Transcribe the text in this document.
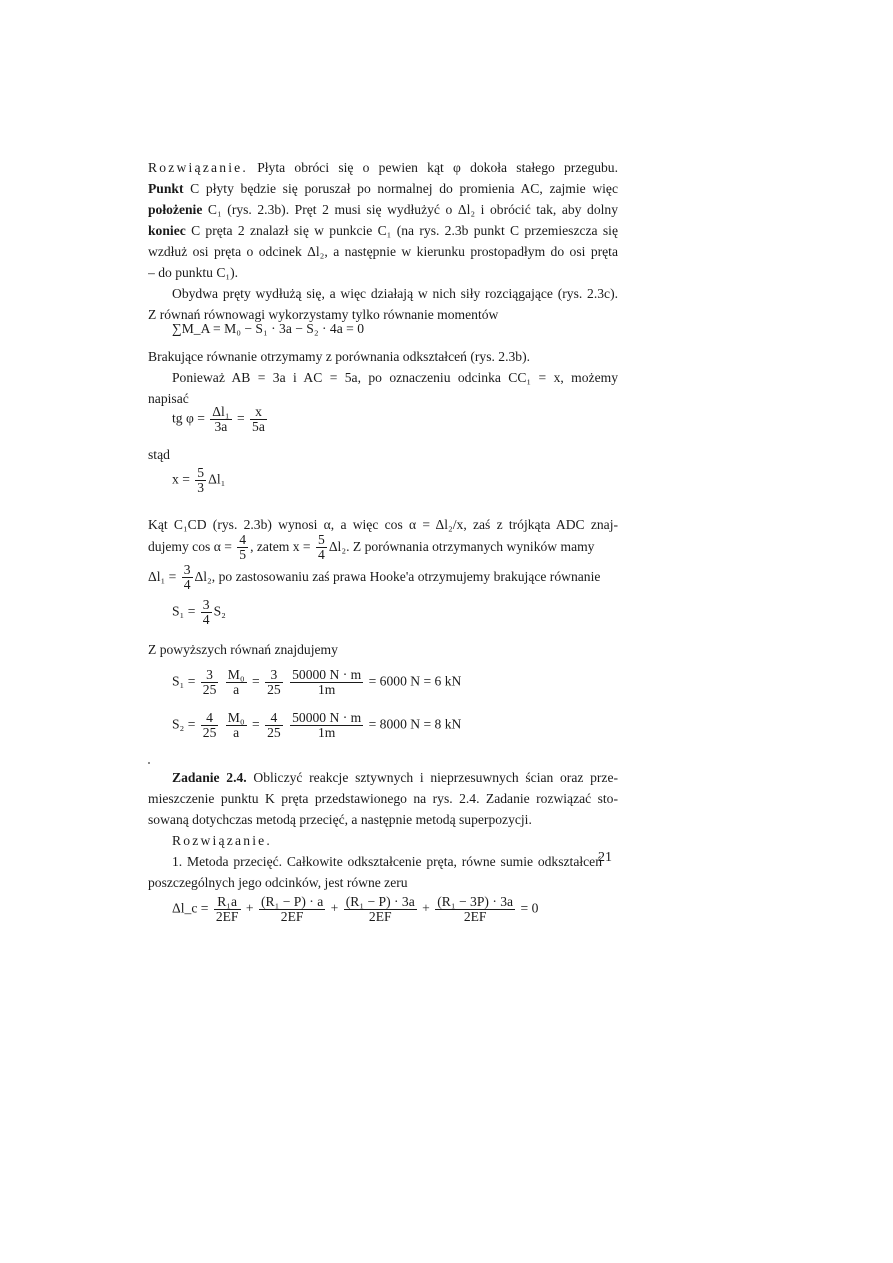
Rozwiązanie. Płyta obróci się o pewien kąt φ dokoła stałego przegubu.
Punkt C płyty będzie się poruszał po normalnej do promienia AC, zajmie więc
położenie C₁ (rys. 2.3b). Pręt 2 musi się wydłużyć o Δl₂ i obrócić tak, aby dolny
koniec C pręta 2 znalazł się w punkcie C₁ (na rys. 2.3b punkt C przemieszcza się
wzdłuż osi pręta o odcinek Δl₂, a następnie w kierunku prostopadłym do osi pręta
– do punktu C₁).
Obydwa pręty wydłużą się, a więc działają w nich siły rozciągające (rys. 2.3c).
Z równań równowagi wykorzystamy tylko równanie momentów
∑M_A = M₀ − S₁ · 3a − S₂ · 4a = 0
Brakujące równanie otrzymamy z porównania odkształceń (rys. 2.3b).
Ponieważ AB = 3a i AC = 5a, po oznaczeniu odcinka CC₁ = x, możemy
napisać
tg $\varphi = \frac{\text{Δl₁}}{3a} = \frac{x}{5a}$
stąd
$x = \frac{5}{3} \Delta l_1$
Kąt C₁CD (rys. 2.3b) wynosi α, a więc cos α = Δl₂/x, zaś z trójkąta ADC znaj-
dujemy $\cos \alpha = \frac{4}{5}$ , zatem $x = \frac{5}{4} \Delta l_2$. Z porównania otrzymanych wyników mamy
$\Delta l_1 = \frac{3}{4} \Delta l_2$, po zastosowaniu zaś prawa Hooke'a otrzymujemy brakujące równanie
$S_1 = \frac{3}{4} S_2$
Z powyższych równań znajdujemy
$S_1 = \frac{3}{25}$
$\frac{\text{M₀}}{a} = \frac{3}{25}$
$\frac{50000 N \cdot m}{1m} = 6000$ N = 6 kN
$S_2 = \frac{4}{25}$
$\frac{\text{M₀}}{a} = \frac{4}{25}$
$\frac{50000 N \cdot m}{1m} = 8000$ N = 8 kN
Zadanie 2.4. Obliczyć reakcje sztywnych i nieprzesuwnych ścian oraz prze-
mieszczenie punktu K pręta przedstawionego na rys. 2.4. Zadanie rozwiązać sto-
sowaną dotychczas metodą przecięć, a następnie metodą superpozycji.
Rozwiązanie.
21
1. Metoda przecięć. Całkowite odkształcenie pręta, równe sumie odkształceń
poszczególnych jego odcinków, jest równe zeru
Δl_c = $\frac{\text{R₁a}}{2EF} + \frac{\text{(R₁ − P) · a}}{2EF} + \frac{\text{(R₁ − P) · 3a}}{2EF} + \frac{\text{(R₁ − 3P) · 3a}}{2EF} = 0$
